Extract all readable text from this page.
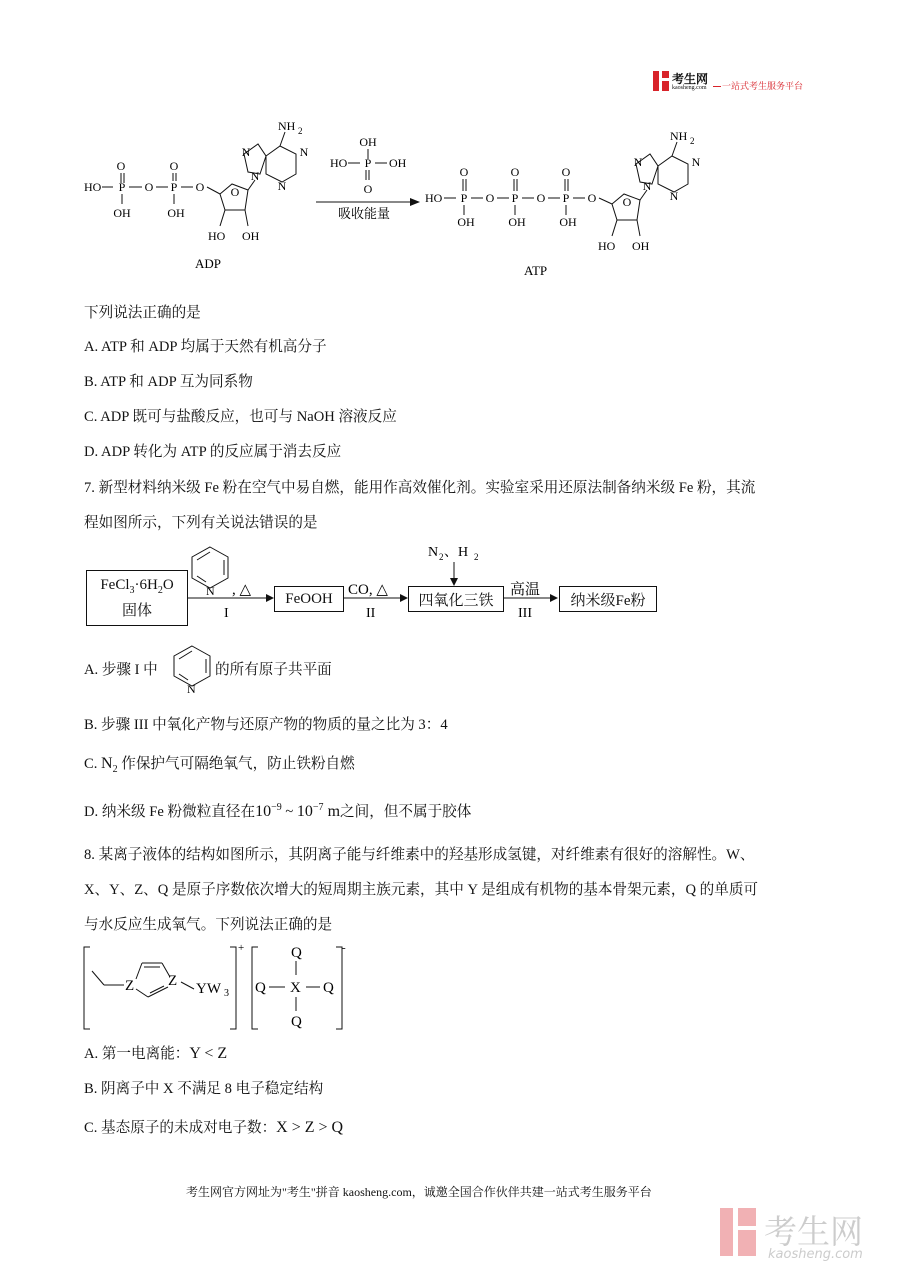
考生网
kaosheng.com 一站式考生服务平台
O
HO P O P
O
OH	OH
O O
HO OH
N
N	N
N
NH 2
ADP
OH
HO P OH
O
吸收能量
HO P
O
OH
O P
O
OH
O P
O
OH
O O
HO OH
N
N	N
N
NH 2
ATP
下列说法正确的是
A. ATP 和 ADP 均属于天然有机高分子
B. ATP 和 ADP 互为同系物
C. ADP 既可与盐酸反应，也可与 NaOH 溶液反应
D. ADP 转化为 ATP 的反应属于消去反应
7. 新型材料纳米级 Fe 粉在空气中易自燃，能用作高效催化剂。实验室采用还原法制备纳米级 Fe 粉，其流
程如图所示，下列有关说法错误的是
$FeCl_3\cdot 6H_2O$
固体
N , △
I
CO, △
II
N 2 、H 2
高温
III
FeOOH	四氧化三铁	纳米级Fe粉
A. 步骤 I 中
N
的所有原子共平面
B. 步骤 III 中氧化产物与还原产物的物质的量之比为 3：4
C. $N_2$ 作保护气可隔绝氧气，防止铁粉自燃
D. 纳米级 Fe 粉微粒直径在$10^{-9}$ ~ $10^{-7}$ m之间，但不属于胶体
8. 某离子液体的结构如图所示，其阴离子能与纤维素中的羟基形成氢键，对纤维素有很好的溶解性。W、
X、Y、Z、Q 是原子序数依次增大的短周期主族元素，其中 Y 是组成有机物的基本骨架元素，Q 的单质可
与水反应生成氧气。下列说法正确的是
+
Z Z YW 3
-
Q
Q X Q
Q
A. 第一电离能：Y < Z
B. 阴离子中 X 不满足 8 电子稳定结构
C. 基态原子的未成对电子数：X > Z > Q
考生网官方网址为"考生"拼音 kaosheng.com，诚邀全国合作伙伴共建一站式考生服务平台
考生网
kaosheng.com
